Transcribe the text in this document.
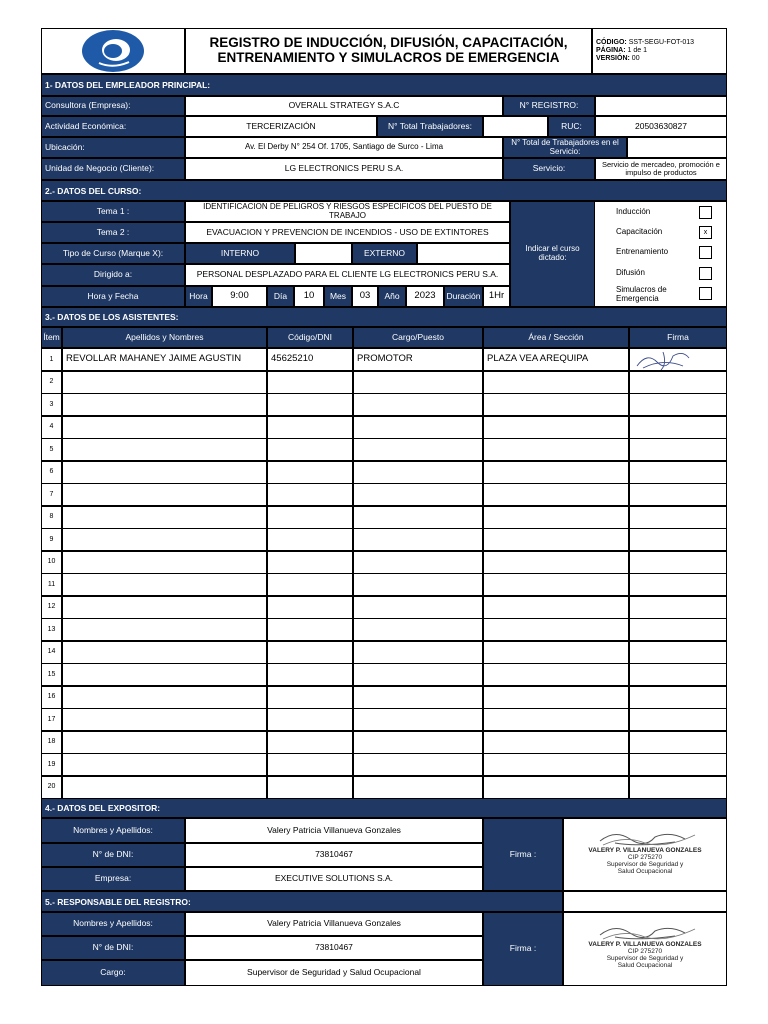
REGISTRO DE INDUCCIÓN, DIFUSIÓN, CAPACITACIÓN,
ENTRENAMIENTO Y SIMULACROS DE EMERGENCIA
CÓDIGO: SST-SEGU-FOT-013
PÁGINA: 1 de 1
VERSIÓN: 00
1- DATOS DEL EMPLEADOR PRINCIPAL:
Consultora (Empresa):	OVERALL STRATEGY S.A.C	N° REGISTRO:
Actividad Económica:	TERCERIZACIÓN	N° Total Trabajadores:	RUC:	20503630827
Ubicación:	Av. El Derby N° 254 Of. 1705, Santiago de Surco - Lima	N° Total de Trabajadores en el Servicio:
Unidad de Negocio (Cliente):	LG ELECTRONICS PERU S.A.	Servicio:	Servicio de mercadeo, promoción e impulso de productos
2.- DATOS DEL CURSO:
Tema 1 :	IDENTIFICACION DE PELIGROS Y RIESGOS ESPECIFICOS DEL PUESTO DE TRABAJO
Tema 2 :	EVACUACION Y PREVENCION DE INCENDIOS - USO DE EXTINTORES
Tipo de Curso (Marque X):	INTERNO	EXTERNO
Dirigido a:	PERSONAL DESPLAZADO PARA EL CLIENTE LG ELECTRONICS PERU S.A.
Hora y Fecha	Hora	9:00	Día	10	Mes	03	Año	2023	Duración 1Hr
Indicar el curso dictado:
Inducción
Capacitación	x
Entrenamiento
Difusión
Simulacros de Emergencia
3.- DATOS DE LOS ASISTENTES:
Ítem	Apellidos y Nombres	Código/DNI	Cargo/Puesto	Área / Sección	Firma
1	REVOLLAR MAHANEY JAIME AGUSTIN	45625210	PROMOTOR	PLAZA VEA AREQUIPA
2
3
4
5
6
7
8
9
10
11
12
13
14
15
16
17
18
19
20
4.- DATOS DEL EXPOSITOR:
Nombres y Apellidos:	Valery Patricia Villanueva Gonzales
N° de DNI:	73810467
Empresa:	EXECUTIVE SOLUTIONS S.A.
Firma :	VALERY P. VILLANUEVA GONZALES
CIP 275270
Supervisor de Seguridad y
Salud Ocupacional
5.- RESPONSABLE DEL REGISTRO:
Nombres y Apellidos:	Valery Patricia Villanueva Gonzales
N° de DNI:	73810467
Cargo:	Supervisor de Seguridad y Salud Ocupacional
Firma :	VALERY P. VILLANUEVA GONZALES
CIP 275270
Supervisor de Seguridad y
Salud Ocupacional
